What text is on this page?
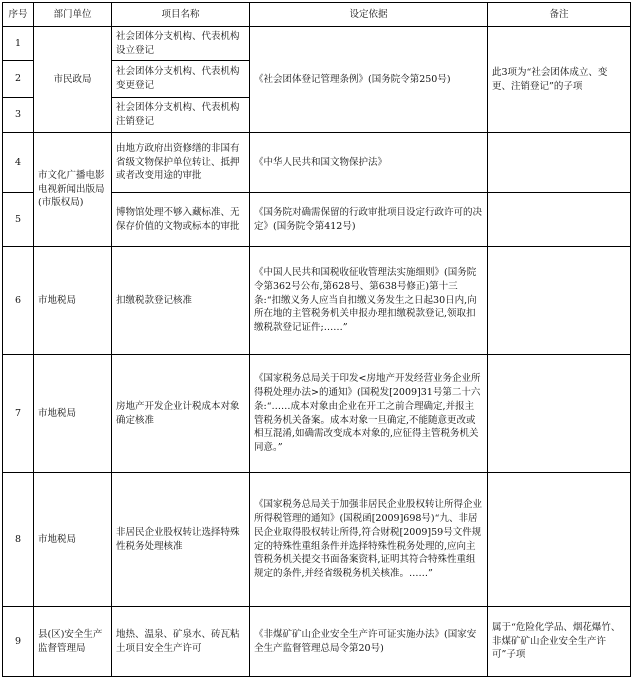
序号	部门单位	项目名称	设定依据	备注
1	市民政局	社会团体分支机构、代表机构设立登记	《社会团体登记管理条例》(国务院令第250号)	此3项为“社会团体成立、变更、注销登记”的子项
2		社会团体分支机构、代表机构变更登记		
3		社会团体分支机构、代表机构注销登记		
4	市文化广播电影电视新闻出版局(市版权局)	由地方政府出资修缮的非国有省级文物保护单位转让、抵押或者改变用途的审批	《中华人民共和国文物保护法》	
5		博物馆处理不够入藏标准、无保存价值的文物或标本的审批	《国务院对确需保留的行政审批项目设定行政许可的决定》(国务院令第412号)	
6	市地税局	扣缴税款登记核准	《中国人民共和国税收征收管理法实施细则》(国务院令第362号公布,第628号、第638号修正)第十三条:“扣缴义务人应当自扣缴义务发生之日起30日内,向所在地的主管税务机关申报办理扣缴税款登记,领取扣缴税款登记证件;……”	
7	市地税局	房地产开发企业计税成本对象确定核准	《国家税务总局关于印发<房地产开发经营业务企业所得税处理办法>的通知》(国税发[2009]31号第二十六条:“……成本对象由企业在开工之前合理确定,并报主管税务机关备案。成本对象一旦确定,不能随意更改或相互混淆,如确需改变成本对象的,应征得主管税务机关同意。”	
8	市地税局	非居民企业股权转让选择特殊性税务处理核准	《国家税务总局关于加强非居民企业股权转让所得企业所得税管理的通知》(国税函[2009]698号)“九、非居民企业取得股权转让所得,符合财税[2009]59号文件规定的特殊性重组条件并选择特殊性税务处理的,应向主管税务机关提交书面备案资料,证明其符合特殊性重组规定的条件,并经省级税务机关核准。……”	
9	县(区)安全生产监督管理局	地热、温泉、矿泉水、砖瓦粘土项目安全生产许可	《非煤矿矿山企业安全生产许可证实施办法》(国家安全生产监督管理总局令第20号)	属于“危险化学品、烟花爆竹、非煤矿矿山企业安全生产许可”子项
